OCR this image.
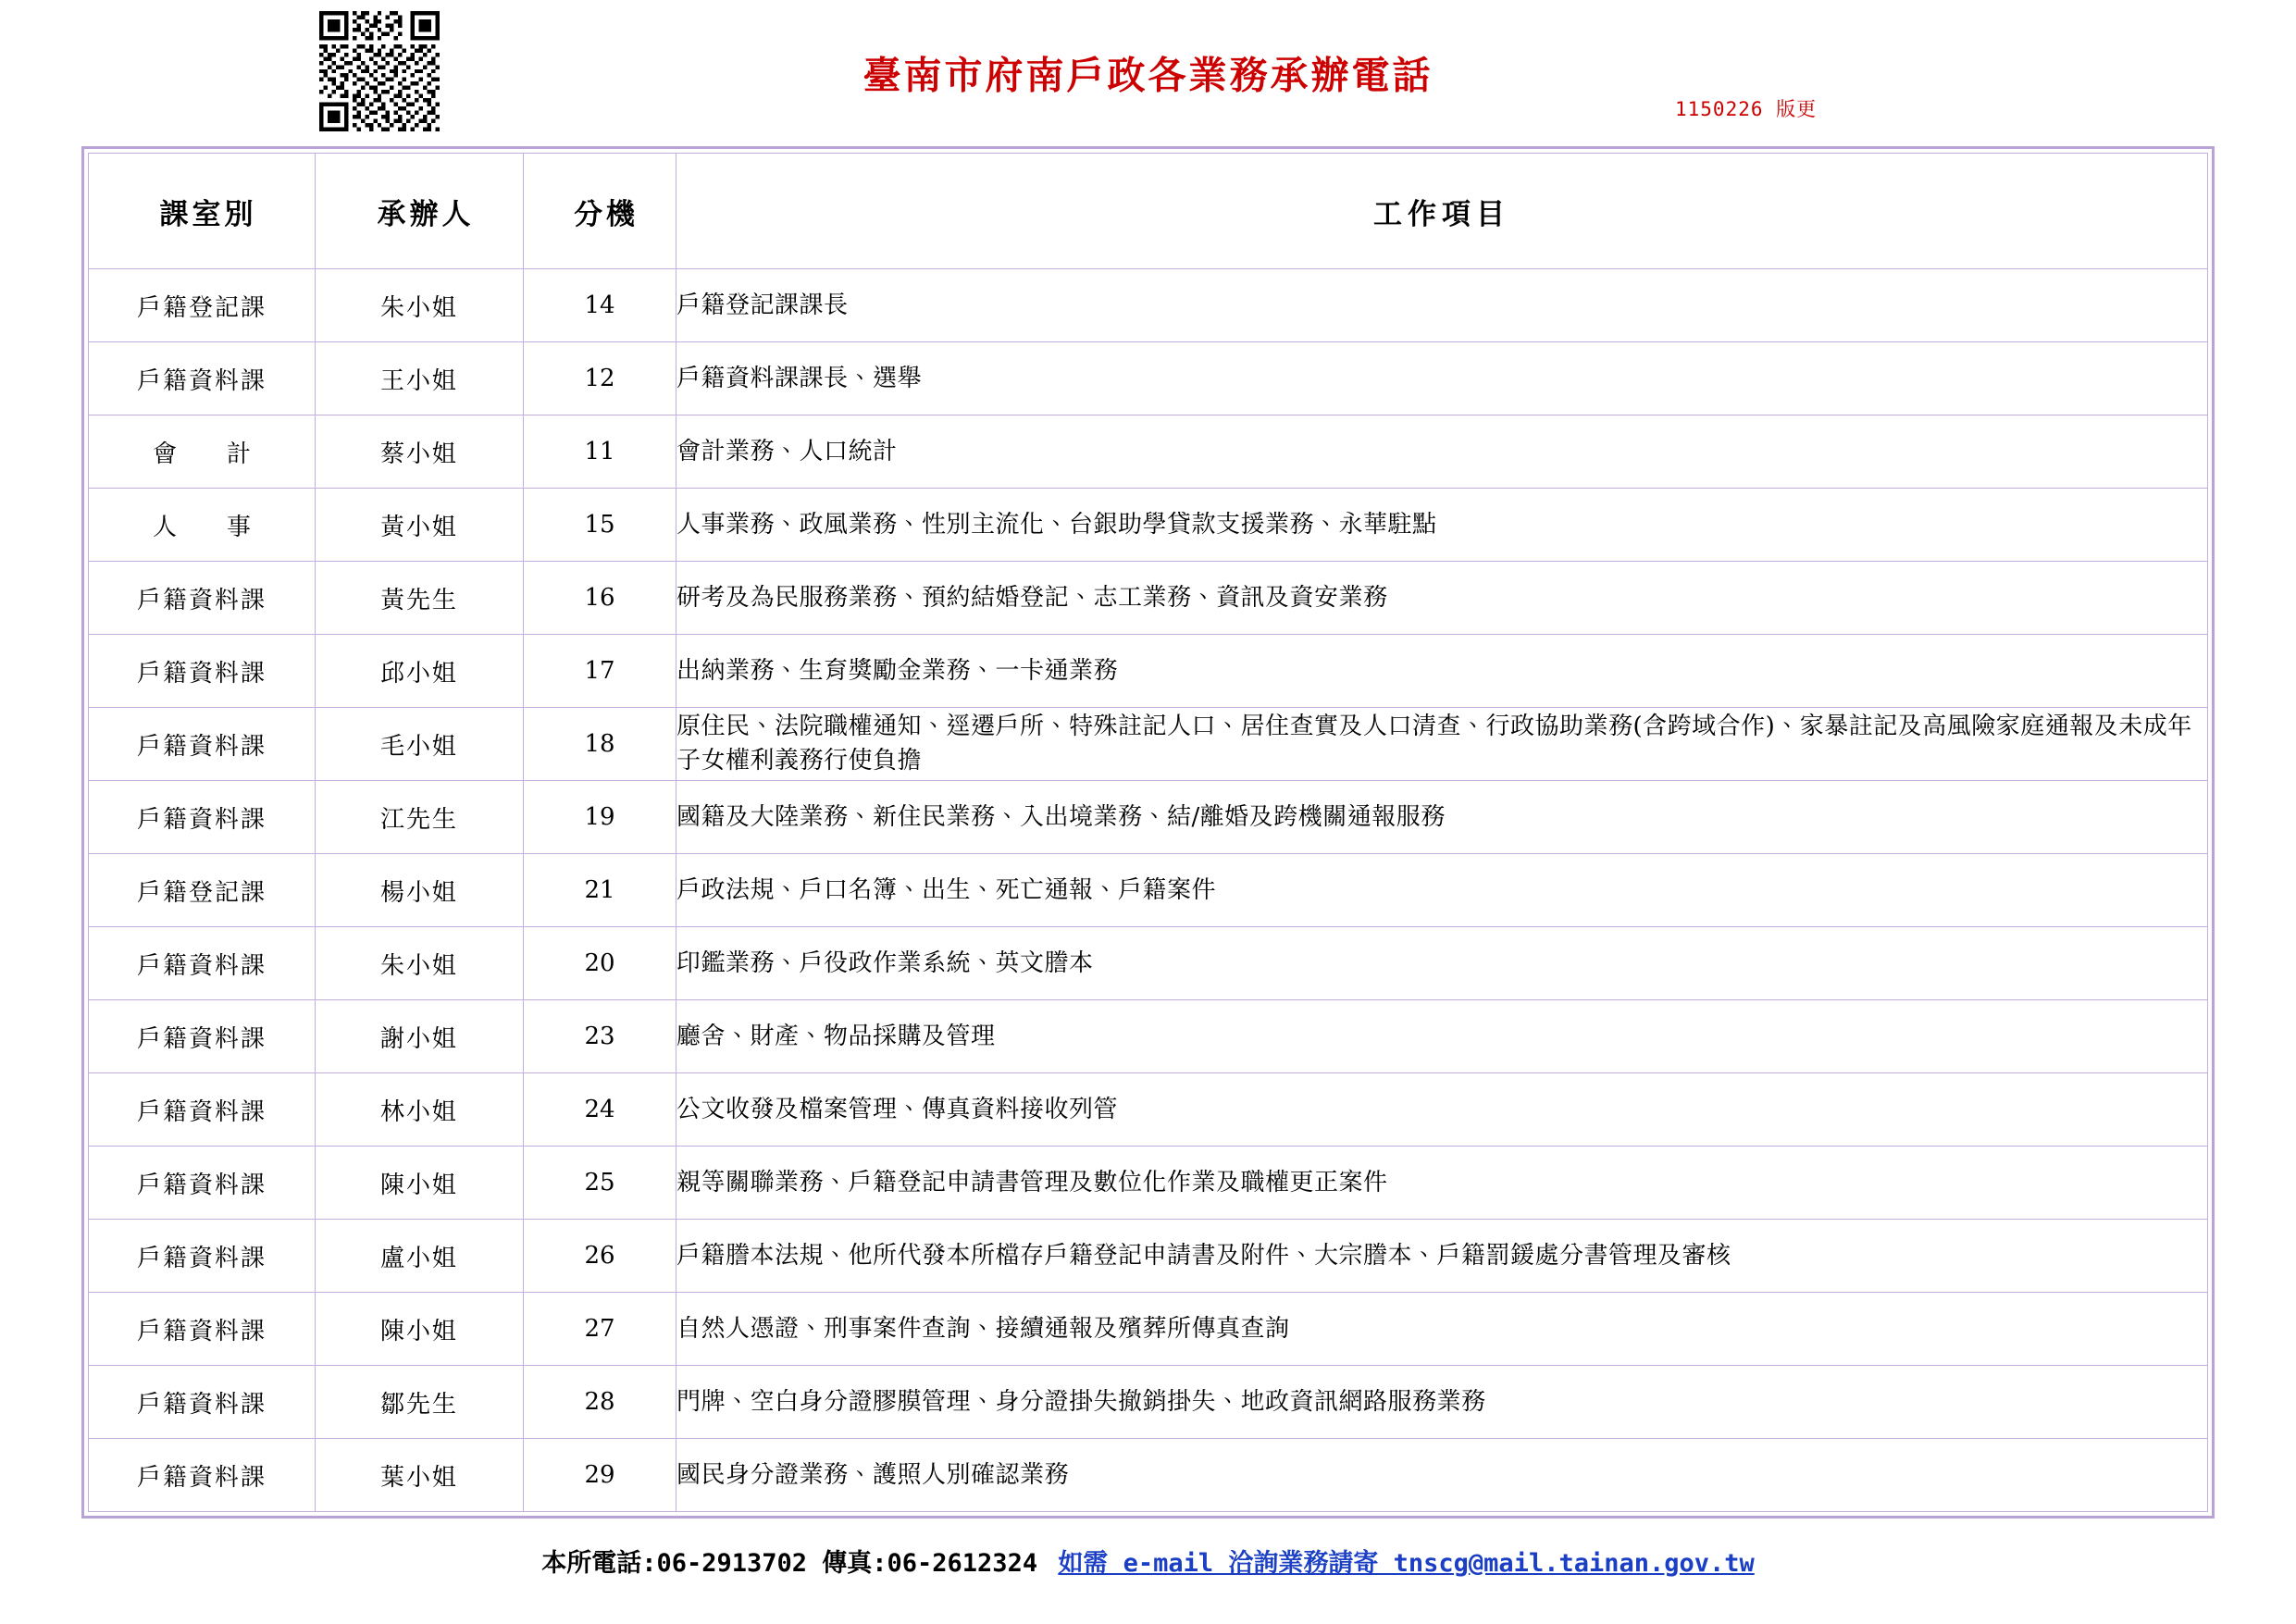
臺南市府南戶政各業務承辦電話
1150226 版更
課室別	承辦人	分機	工作項目
戶籍登記課	朱小姐	14	戶籍登記課課長
戶籍資料課	王小姐	12	戶籍資料課課長、選舉
會　計	蔡小姐	11	會計業務、人口統計
人　事	黃小姐	15	人事業務、政風業務、性別主流化、台銀助學貸款支援業務、永華駐點
戶籍資料課	黃先生	16	研考及為民服務業務、預約結婚登記、志工業務、資訊及資安業務
戶籍資料課	邱小姐	17	出納業務、生育獎勵金業務、一卡通業務
戶籍資料課	毛小姐	18	原住民、法院職權通知、逕遷戶所、特殊註記人口、居住查實及人口清查、行政協助業務(含跨域合作)、家暴註記及高風險家庭通報及未成年子女權利義務行使負擔
戶籍資料課	江先生	19	國籍及大陸業務、新住民業務、入出境業務、結/離婚及跨機關通報服務
戶籍登記課	楊小姐	21	戶政法規、戶口名簿、出生、死亡通報、戶籍案件
戶籍資料課	朱小姐	20	印鑑業務、戶役政作業系統、英文謄本
戶籍資料課	謝小姐	23	廳舍、財產、物品採購及管理
戶籍資料課	林小姐	24	公文收發及檔案管理、傳真資料接收列管
戶籍資料課	陳小姐	25	親等關聯業務、戶籍登記申請書管理及數位化作業及職權更正案件
戶籍資料課	盧小姐	26	戶籍謄本法規、他所代發本所檔存戶籍登記申請書及附件、大宗謄本、戶籍罰鍰處分書管理及審核
戶籍資料課	陳小姐	27	自然人憑證、刑事案件查詢、接續通報及殯葬所傳真查詢
戶籍資料課	鄒先生	28	門牌、空白身分證膠膜管理、身分證掛失撤銷掛失、地政資訊網路服務業務
戶籍資料課	葉小姐	29	國民身分證業務、護照人別確認業務
本所電話:06-2913702 傳真:06-2612324 如需 e-mail 洽詢業務請寄 tnscg@mail.tainan.gov.tw
